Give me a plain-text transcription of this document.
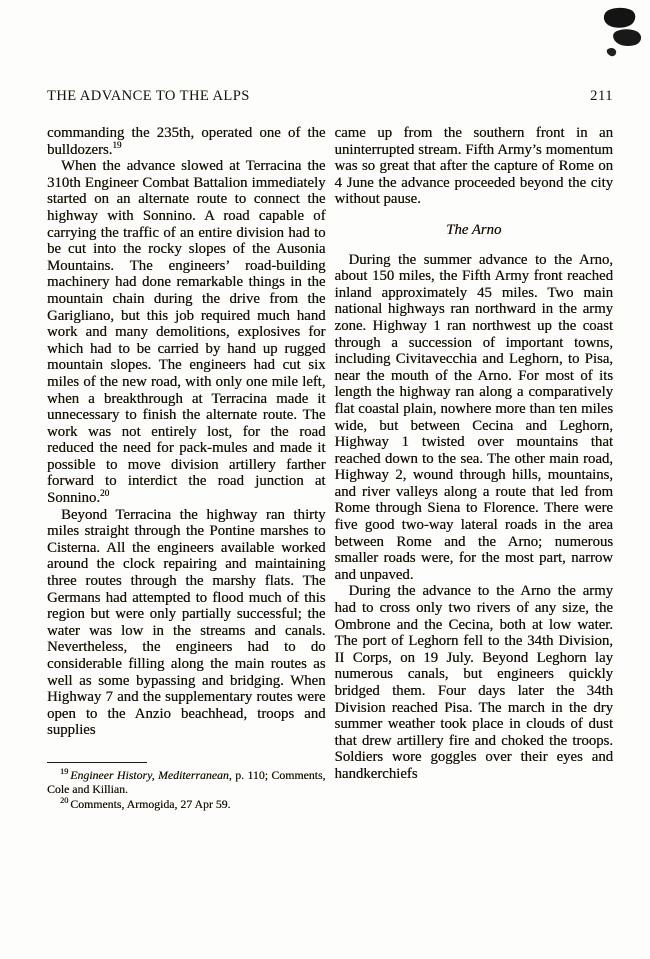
THE ADVANCE TO THE ALPS	211

commanding the 235th, operated one of the bulldozers.$^{19}$

When the advance slowed at Terracina the 310th Engineer Combat Battalion immediately started on an alternate route to connect the highway with Sonnino. A road capable of carrying the traffic of an entire division had to be cut into the rocky slopes of the Ausonia Mountains. The engineers’ road-building machinery had done remarkable things in the mountain chain during the drive from the Garigliano, but this job required much hand work and many demolitions, explosives for which had to be carried by hand up rugged mountain slopes. The engineers had cut six miles of the new road, with only one mile left, when a breakthrough at Terracina made it unnecessary to finish the alternate route. The work was not entirely lost, for the road reduced the need for pack-mules and made it possible to move division artillery farther forward to interdict the road junction at Sonnino.$^{20}$

Beyond Terracina the highway ran thirty miles straight through the Pontine marshes to Cisterna. All the engineers available worked around the clock repairing and maintaining three routes through the marshy flats. The Germans had attempted to flood much of this region but were only partially successful; the water was low in the streams and canals. Nevertheless, the engineers had to do considerable filling along the main routes as well as some bypassing and bridging. When Highway 7 and the supplementary routes were open to the Anzio beachhead, troops and supplies

$^{19}$ Engineer History, Mediterranean, p. 110; Comments, Cole and Killian.

$^{20}$ Comments, Armogida, 27 Apr 59.

came up from the southern front in an uninterrupted stream. Fifth Army’s momentum was so great that after the capture of Rome on 4 June the advance proceeded beyond the city without pause.

The Arno

During the summer advance to the Arno, about 150 miles, the Fifth Army front reached inland approximately 45 miles. Two main national highways ran northward in the army zone. Highway 1 ran northwest up the coast through a succession of important towns, including Civitavecchia and Leghorn, to Pisa, near the mouth of the Arno. For most of its length the highway ran along a comparatively flat coastal plain, nowhere more than ten miles wide, but between Cecina and Leghorn, Highway 1 twisted over mountains that reached down to the sea. The other main road, Highway 2, wound through hills, mountains, and river valleys along a route that led from Rome through Siena to Florence. There were five good two-way lateral roads in the area between Rome and the Arno; numerous smaller roads were, for the most part, narrow and unpaved.

During the advance to the Arno the army had to cross only two rivers of any size, the Ombrone and the Cecina, both at low water. The port of Leghorn fell to the 34th Division, II Corps, on 19 July. Beyond Leghorn lay numerous canals, but engineers quickly bridged them. Four days later the 34th Division reached Pisa. The march in the dry summer weather took place in clouds of dust that drew artillery fire and choked the troops. Soldiers wore goggles over their eyes and handkerchiefs
